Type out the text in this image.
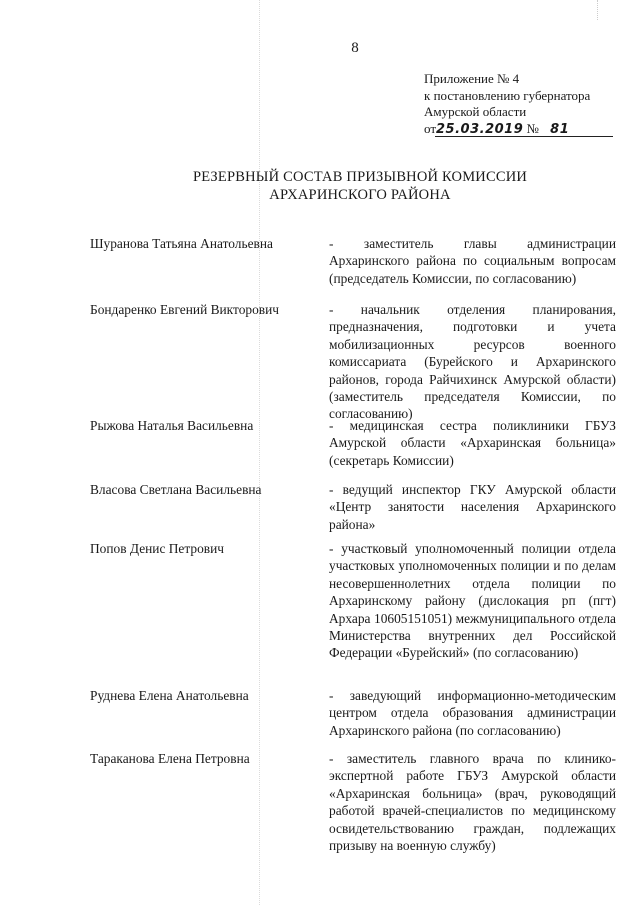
8
Приложение № 4
к постановлению губернатора
Амурской области
от25.03.2019 № 81
РЕЗЕРВНЫЙ СОСТАВ ПРИЗЫВНОЙ КОМИССИИ
АРХАРИНСКОГО РАЙОНА
Шуранова Татьяна Анатольевна	- заместитель главы администрации Архаринского района по социальным вопросам (председатель Комиссии, по согласованию)
Бондаренко Евгений Викторович	- начальник отделения планирования, предназначения, подготовки и учета мобилизационных ресурсов военного комиссариата (Бурейского и Архаринского районов, города Райчихинск Амурской области) (заместитель председателя Комиссии, по согласованию)
Рыжова Наталья Васильевна	- медицинская сестра поликлиники ГБУЗ Амурской области «Архаринская больница» (секретарь Комиссии)
Власова Светлана Васильевна	- ведущий инспектор ГКУ Амурской области «Центр занятости населения Архаринского района»
Попов Денис Петрович	- участковый уполномоченный полиции отдела участковых уполномоченных полиции и по делам несовершеннолетних отдела полиции по Архаринскому району (дислокация рп (пгт) Архара 10605151051) межмуниципального отдела Министерства внутренних дел Российской Федерации «Бурейский» (по согласованию)
Руднева Елена Анатольевна	- заведующий информационно-методическим центром отдела образования администрации Архаринского района (по согласованию)
Тараканова Елена Петровна	- заместитель главного врача по клинико-экспертной работе ГБУЗ Амурской области «Архаринская больница» (врач, руководящий работой врачей-специалистов по медицинскому освидетельствованию граждан, подлежащих призыву на военную службу)
